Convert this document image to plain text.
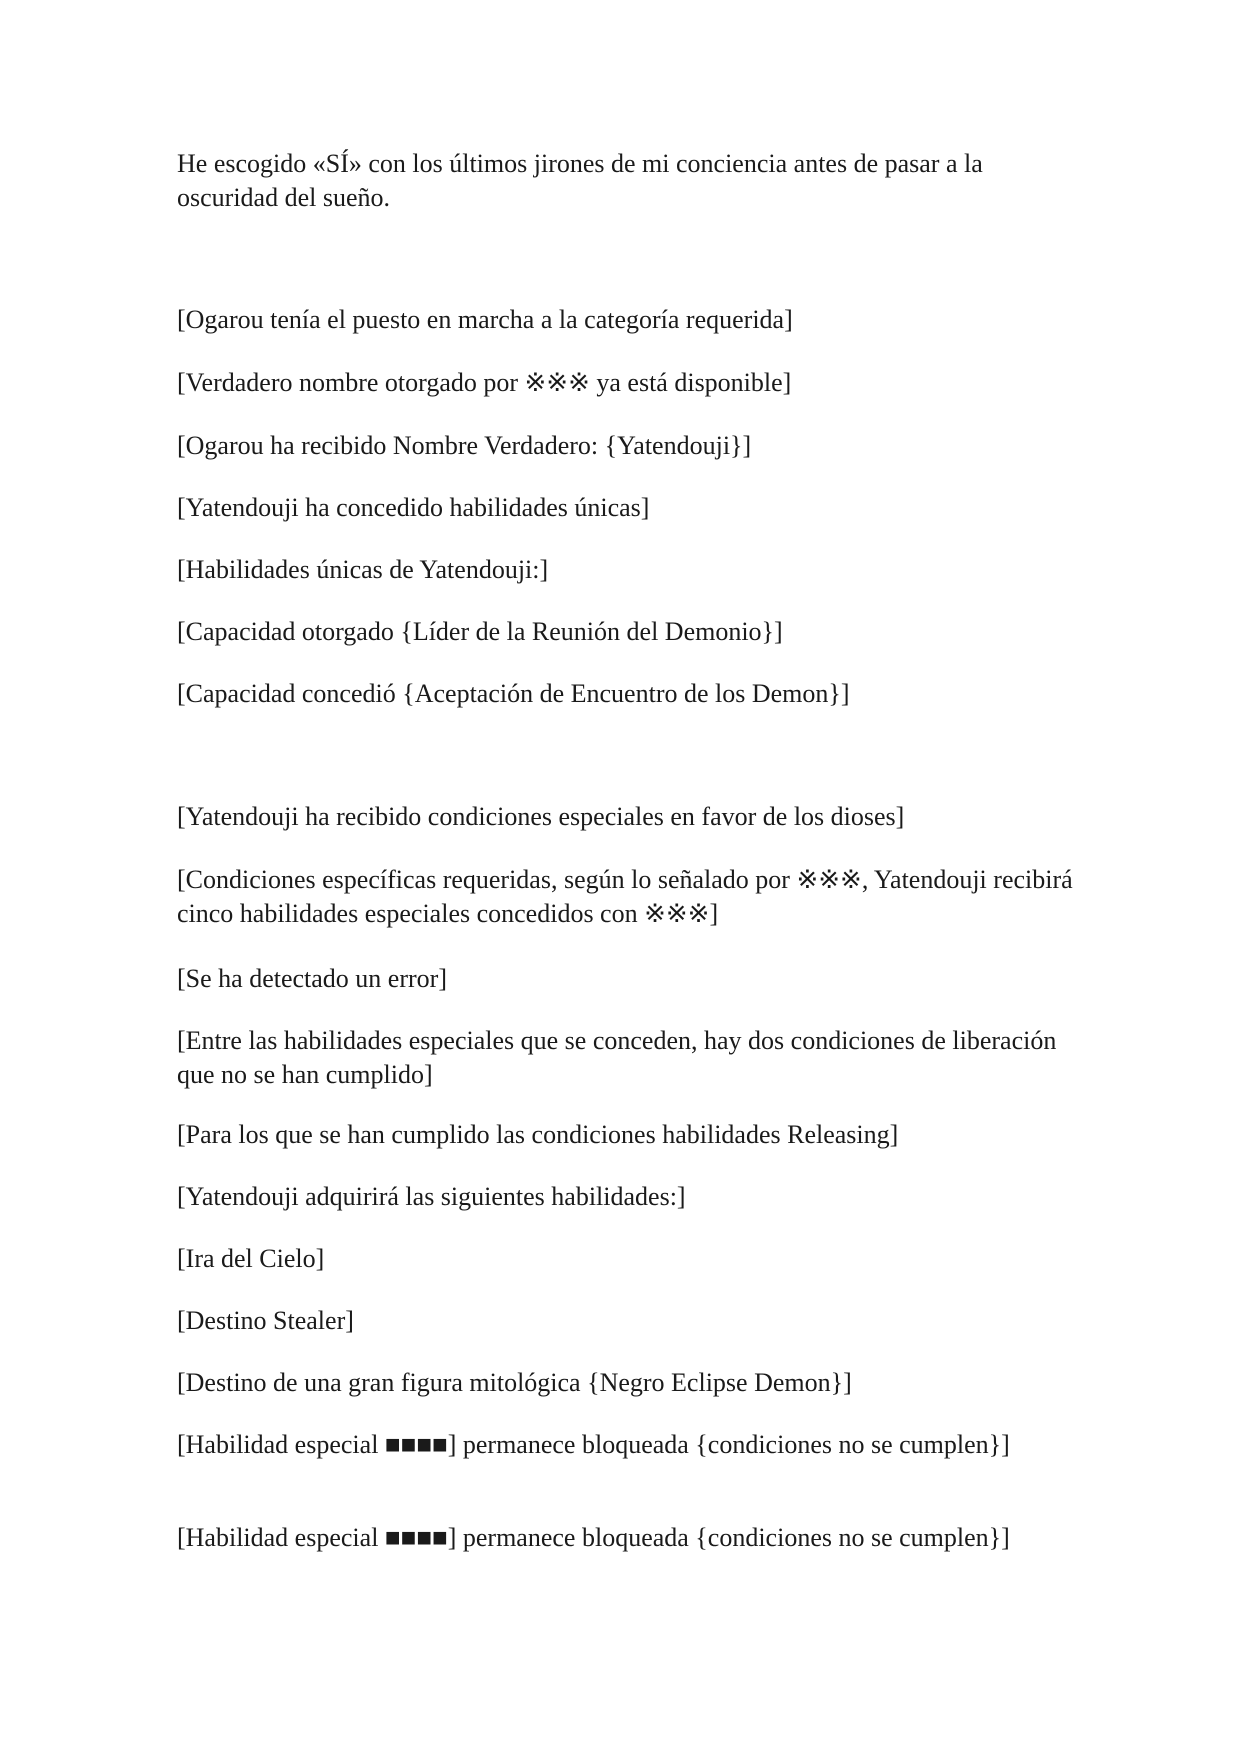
He escogido «SÍ» con los últimos jirones de mi conciencia antes de pasar a la oscuridad del sueño.

[Ogarou tenía el puesto en marcha a la categoría requerida]

[Verdadero nombre otorgado por ※※※ ya está disponible]

[Ogarou ha recibido Nombre Verdadero: {Yatendouji}]

[Yatendouji ha concedido habilidades únicas]

[Habilidades únicas de Yatendouji:]

[Capacidad otorgado {Líder de la Reunión del Demonio}]

[Capacidad concedió {Aceptación de Encuentro de los Demon}]

[Yatendouji ha recibido condiciones especiales en favor de los dioses]

[Condiciones específicas requeridas, según lo señalado por ※※※, Yatendouji recibirá cinco habilidades especiales concedidos con ※※※]

[Se ha detectado un error]

[Entre las habilidades especiales que se conceden, hay dos condiciones de liberación que no se han cumplido]

[Para los que se han cumplido las condiciones habilidades Releasing]

[Yatendouji adquirirá las siguientes habilidades:]

[Ira del Cielo]

[Destino Stealer]

[Destino de una gran figura mitológica {Negro Eclipse Demon}]

[Habilidad especial ■■■■] permanece bloqueada {condiciones no se cumplen}]

[Habilidad especial ■■■■] permanece bloqueada {condiciones no se cumplen}]
